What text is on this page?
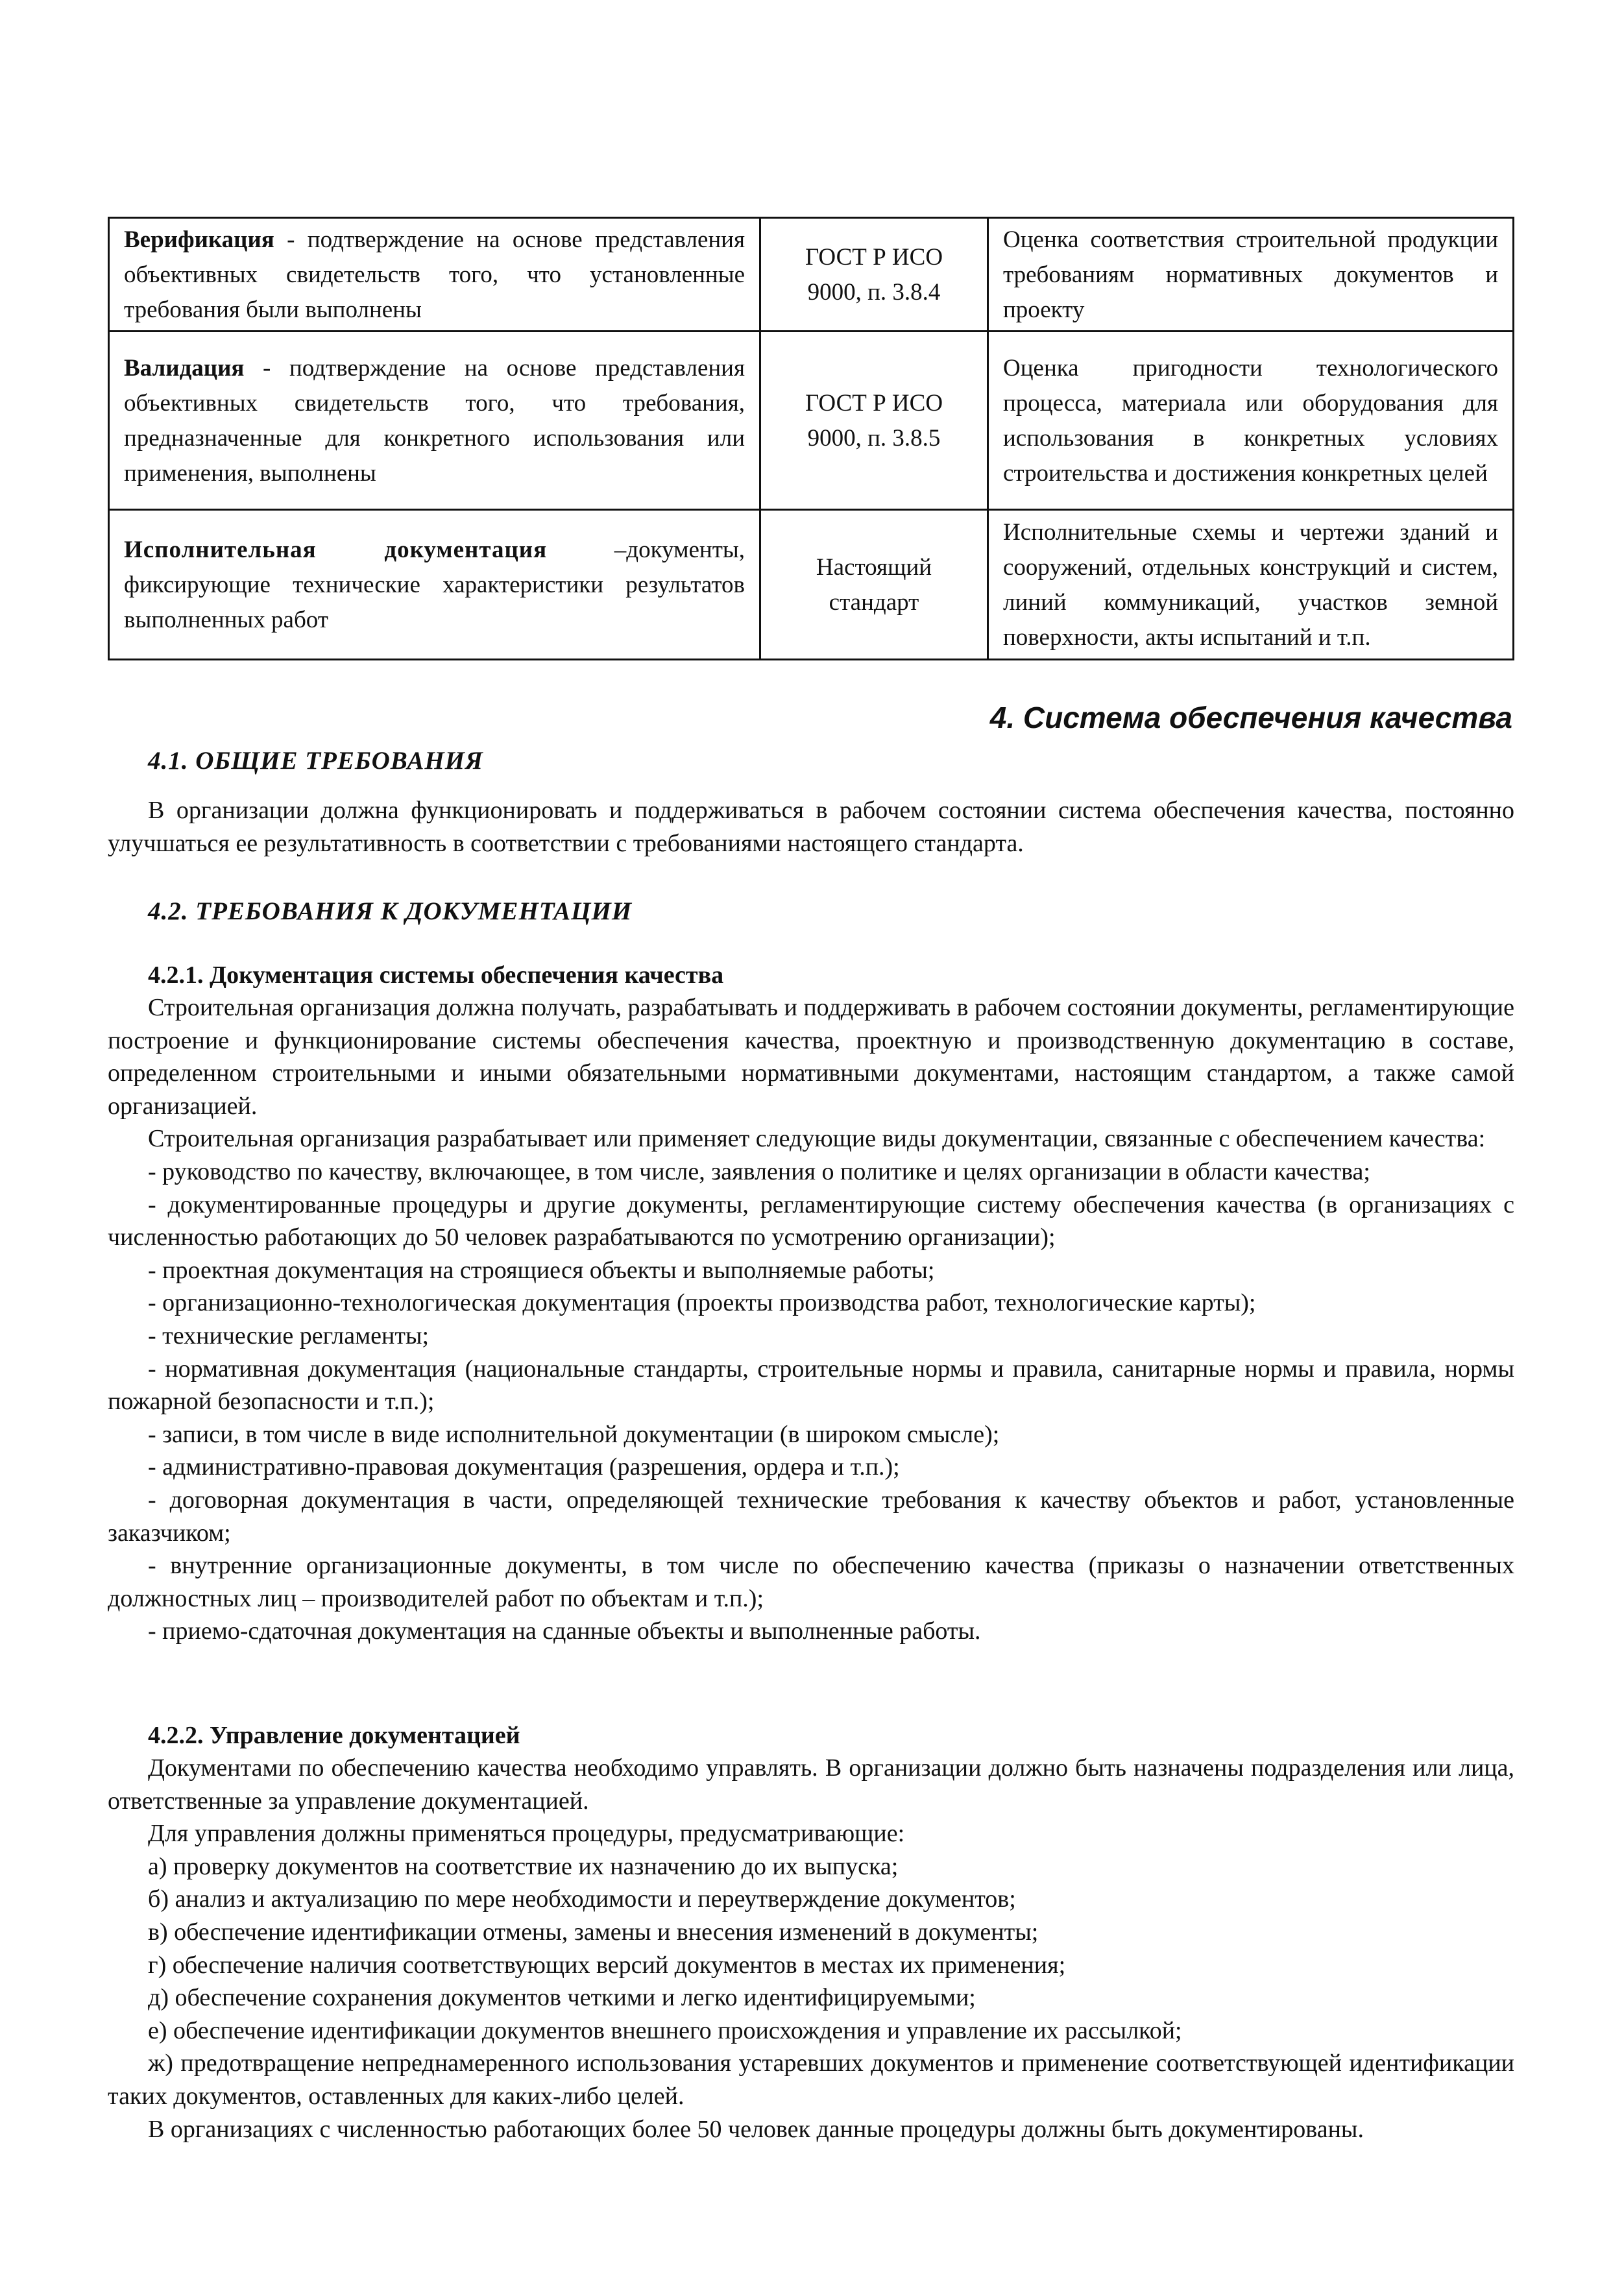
Верификация - подтверждение на основе представления объективных свидетельств того, что установленные требования были выполнены	ГОСТ Р ИСО 9000, п. 3.8.4	Оценка соответствия строительной продукции требованиям нормативных документов и проекту
Валидация - подтверждение на основе представления объективных свидетельств того, что требования, предназначенные для конкретного использования или применения, выполнены	ГОСТ Р ИСО 9000, п. 3.8.5	Оценка пригодности технологического процесса, материала или оборудования для использования в конкретных условиях строительства и достижения конкретных целей
Исполнительная документация –документы, фиксирующие технические характеристики результатов выполненных работ	Настоящий стандарт	Исполнительные схемы и чертежи зданий и сооружений, отдельных конструкций и систем, линий коммуникаций, участков земной поверхности, акты испытаний и т.п.
4. Система обеспечения качества
4.1. ОБЩИЕ ТРЕБОВАНИЯ

В организации должна функционировать и поддерживаться в рабочем состоянии система обеспечения качества, постоянно улучшаться ее результативность в соответствии с требованиями настоящего стандарта.

4.2. ТРЕБОВАНИЯ К ДОКУМЕНТАЦИИ
4.2.1. Документация системы обеспечения качества

Строительная организация должна получать, разрабатывать и поддерживать в рабочем состоянии документы, регламентирующие построение и функционирование системы обеспечения качества, проектную и производственную документацию в составе, определенном строительными и иными обязательными нормативными документами, настоящим стандартом, а также самой организацией.

Строительная организация разрабатывает или применяет следующие виды документации, связанные с обеспечением качества:

- руководство по качеству, включающее, в том числе, заявления о политике и целях организации в области качества;

- документированные процедуры и другие документы, регламентирующие систему обеспечения качества (в организациях с численностью работающих до 50 человек разрабатываются по усмотрению организации);

- проектная документация на строящиеся объекты и выполняемые работы;

- организационно-технологическая документация (проекты производства работ, технологические карты);

- технические регламенты;

- нормативная документация (национальные стандарты, строительные нормы и правила, санитарные нормы и правила, нормы пожарной безопасности и т.п.);

- записи, в том числе в виде исполнительной документации (в широком смысле);

- административно-правовая документация (разрешения, ордера и т.п.);

- договорная документация в части, определяющей технические требования к качеству объектов и работ, установленные заказчиком;

- внутренние организационные документы, в том числе по обеспечению качества (приказы о назначении ответственных должностных лиц – производителей работ по объектам и т.п.);

- приемо-сдаточная документация на сданные объекты и выполненные работы.

4.2.2. Управление документацией

Документами по обеспечению качества необходимо управлять. В организации должно быть назначены подразделения или лица, ответственные за управление документацией.

Для управления должны применяться процедуры, предусматривающие:

а) проверку документов на соответствие их назначению до их выпуска;

б) анализ и актуализацию по мере необходимости и переутверждение документов;

в) обеспечение идентификации отмены, замены и внесения изменений в документы;

г) обеспечение наличия соответствующих версий документов в местах их применения;

д) обеспечение сохранения документов четкими и легко идентифицируемыми;

е) обеспечение идентификации документов внешнего происхождения и управление их рассылкой;

ж) предотвращение непреднамеренного использования устаревших документов и применение соответствующей идентификации таких документов, оставленных для каких-либо целей.

В организациях с численностью работающих более 50 человек данные процедуры должны быть документированы.
